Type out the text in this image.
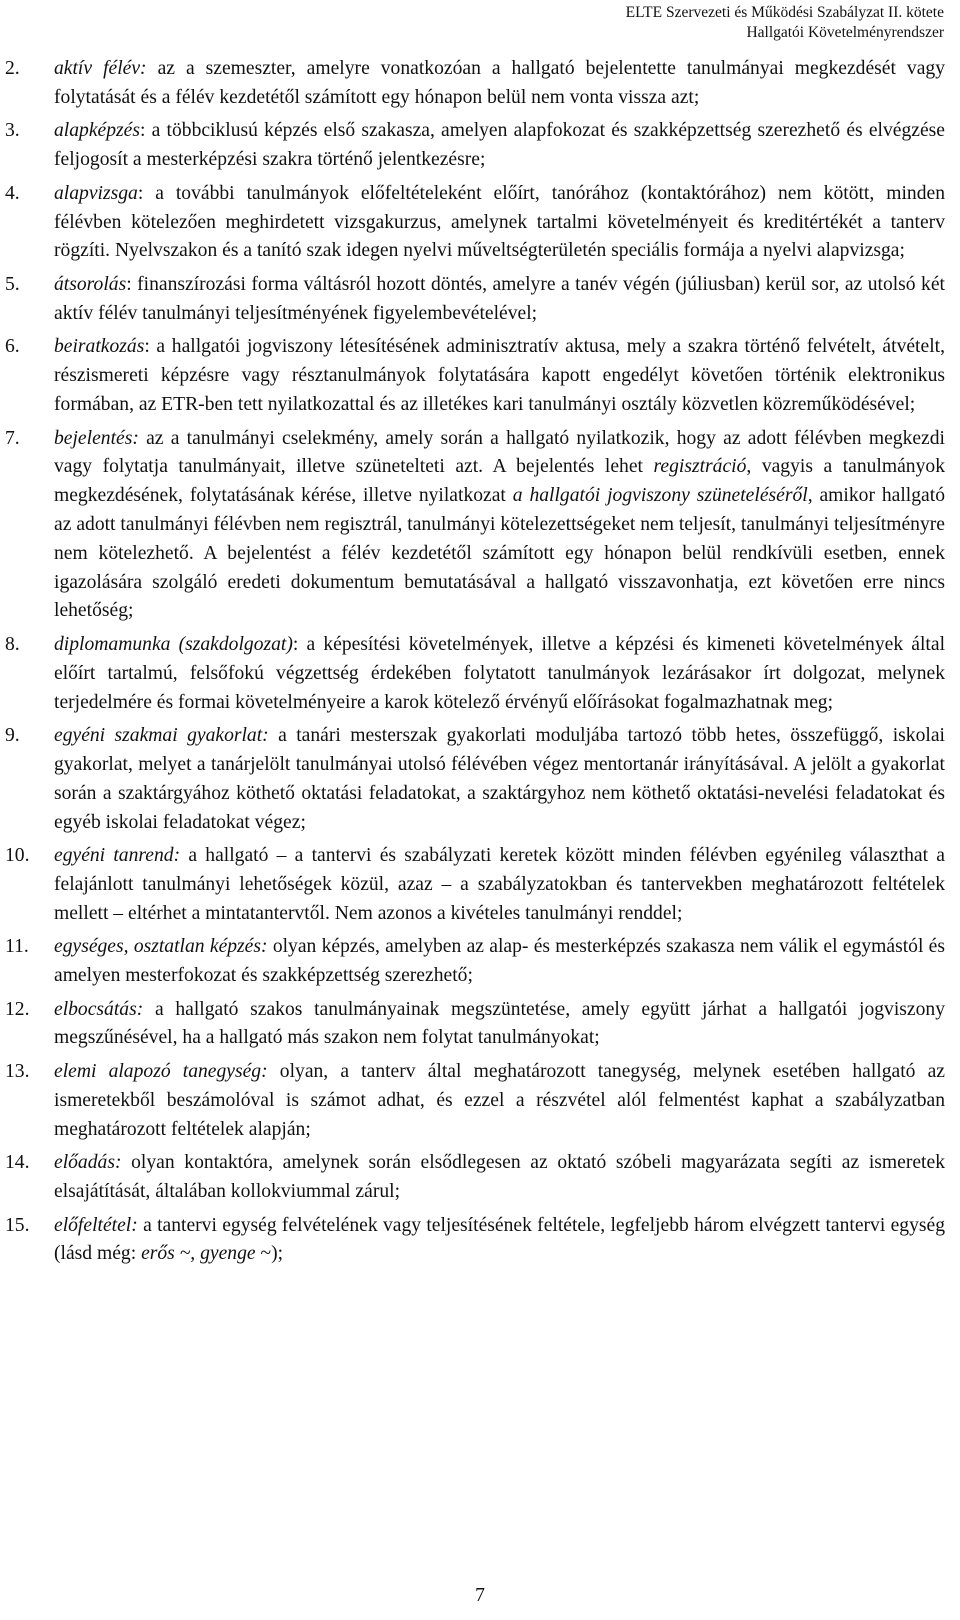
ELTE Szervezeti és Működési Szabályzat II. kötete
Hallgatói Követelményrendszer
2. aktív félév: az a szemeszter, amelyre vonatkozóan a hallgató bejelentette tanulmányai megkezdését vagy folytatását és a félév kezdetétől számított egy hónapon belül nem vonta vissza azt;
3. alapképzés: a többciklusú képzés első szakasza, amelyen alapfokozat és szakképzettség szerezhető és elvégzése feljogosít a mesterképzési szakra történő jelentkezésre;
4. alapvizsga: a további tanulmányok előfeltételeként előírt, tanórához (kontaktórához) nem kötött, minden félévben kötelezően meghirdetett vizsgakurzus, amelynek tartalmi követelményeit és kreditértékét a tanterv rögzíti. Nyelvszakon és a tanító szak idegen nyelvi műveltségterületén speciális formája a nyelvi alapvizsga;
5. átsorolás: finanszírozási forma váltásról hozott döntés, amelyre a tanév végén (júliusban) kerül sor, az utolsó két aktív félév tanulmányi teljesítményének figyelembevételével;
6. beiratkozás: a hallgatói jogviszony létesítésének adminisztratív aktusa, mely a szakra történő felvételt, átvételt, részismereti képzésre vagy résztanulmányok folytatására kapott engedélyt követően történik elektronikus formában, az ETR-ben tett nyilatkozattal és az illetékes kari tanulmányi osztály közvetlen közreműködésével;
7. bejelentés: az a tanulmányi cselekmény, amely során a hallgató nyilatkozik, hogy az adott félévben megkezdi vagy folytatja tanulmányait, illetve szünetelteti azt. A bejelentés lehet regisztráció, vagyis a tanulmányok megkezdésének, folytatásának kérése, illetve nyilatkozat a hallgatói jogviszony szüneteléséről, amikor hallgató az adott tanulmányi félévben nem regisztrál, tanulmányi kötelezettségeket nem teljesít, tanulmányi teljesítményre nem kötelezhető. A bejelentést a félév kezdetétől számított egy hónapon belül rendkívüli esetben, ennek igazolására szolgáló eredeti dokumentum bemutatásával a hallgató visszavonhatja, ezt követően erre nincs lehetőség;
8. diplomamunka (szakdolgozat): a képesítési követelmények, illetve a képzési és kimeneti követelmények által előírt tartalmú, felsőfokú végzettség érdekében folytatott tanulmányok lezárásakor írt dolgozat, melynek terjedelmére és formai követelményeire a karok kötelező érvényű előírásokat fogalmazhatnak meg;
9. egyéni szakmai gyakorlat: a tanári mesterszak gyakorlati moduljába tartozó több hetes, összefüggő, iskolai gyakorlat, melyet a tanárjelölt tanulmányai utolsó félévében végez mentortanár irányításával. A jelölt a gyakorlat során a szaktárgyához köthető oktatási feladatokat, a szaktárgyhoz nem köthető oktatási-nevelési feladatokat és egyéb iskolai feladatokat végez;
10. egyéni tanrend: a hallgató – a tantervi és szabályzati keretek között minden félévben egyénileg választhat a felajánlott tanulmányi lehetőségek közül, azaz – a szabályzatokban és tantervekben meghatározott feltételek mellett – eltérhet a mintatantervtől. Nem azonos a kivételes tanulmányi renddel;
11. egységes, osztatlan képzés: olyan képzés, amelyben az alap- és mesterképzés szakasza nem válik el egymástól és amelyen mesterfokozat és szakképzettség szerezhető;
12. elbocsátás: a hallgató szakos tanulmányainak megszüntetése, amely együtt járhat a hallgatói jogviszony megszűnésével, ha a hallgató más szakon nem folytat tanulmányokat;
13. elemi alapozó tanegység: olyan, a tanterv által meghatározott tanegység, melynek esetében hallgató az ismeretekből beszámolóval is számot adhat, és ezzel a részvétel alól felmentést kaphat a szabályzatban meghatározott feltételek alapján;
14. előadás: olyan kontaktóra, amelynek során elsődlegesen az oktató szóbeli magyarázata segíti az ismeretek elsajátítását, általában kollokviummal zárul;
15. előfeltétel: a tantervi egység felvételének vagy teljesítésének feltétele, legfeljebb három elvégzett tantervi egység (lásd még: erős ~, gyenge ~);
7
